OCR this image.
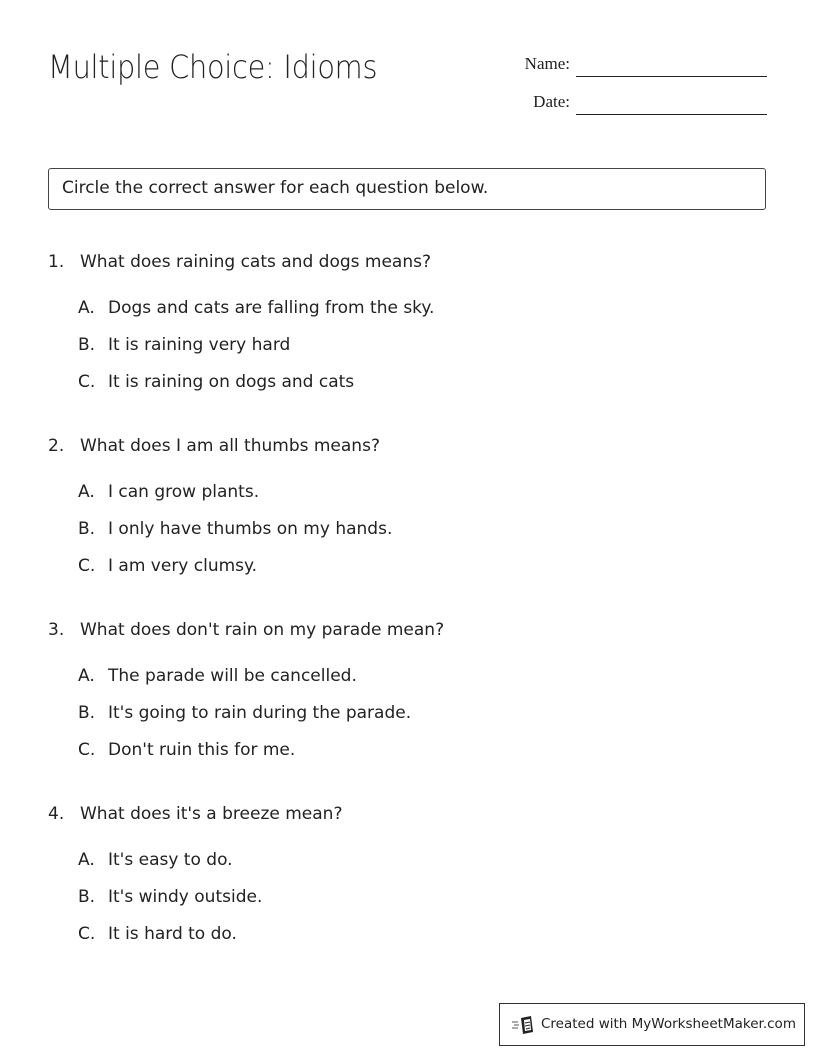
Multiple Choice: Idioms	Name:
Date:
Circle the correct answer for each question below.
1. What does raining cats and dogs means?
A. Dogs and cats are falling from the sky.
B. It is raining very hard
C. It is raining on dogs and cats
2. What does I am all thumbs means?
A. I can grow plants.
B. I only have thumbs on my hands.
C. I am very clumsy.
3. What does don't rain on my parade mean?
A. The parade will be cancelled.
B. It's going to rain during the parade.
C. Don't ruin this for me.
4. What does it's a breeze mean?
A. It's easy to do.
B. It's windy outside.
C. It is hard to do.
Created with MyWorksheetMaker.com
